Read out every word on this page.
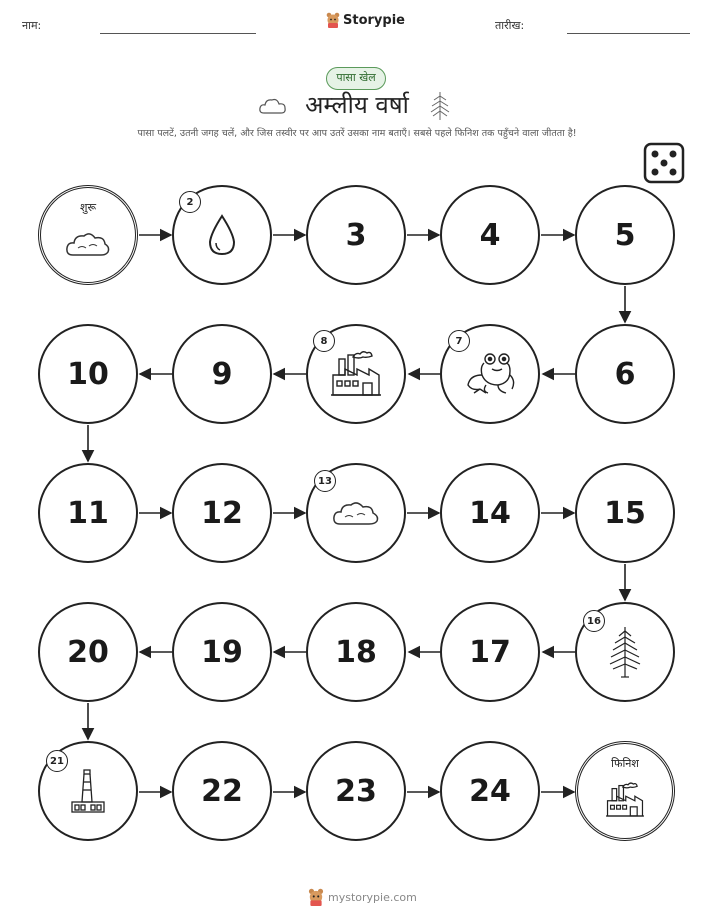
नाम:	Storypie	तारीख:
पासा खेल
अम्लीय वर्षा
पासा पलटें, उतनी जगह चलें, और जिस तस्वीर पर आप उतरें उसका नाम बताएँ। सबसे पहले फिनिश तक पहुँचने वाला जीतता है!
शुरू	2
3	4	5
10	9
8	7
6
11	12
13
14	15
20	19	18	17
16
21
22	23	24
फिनिश
mystorypie.com
